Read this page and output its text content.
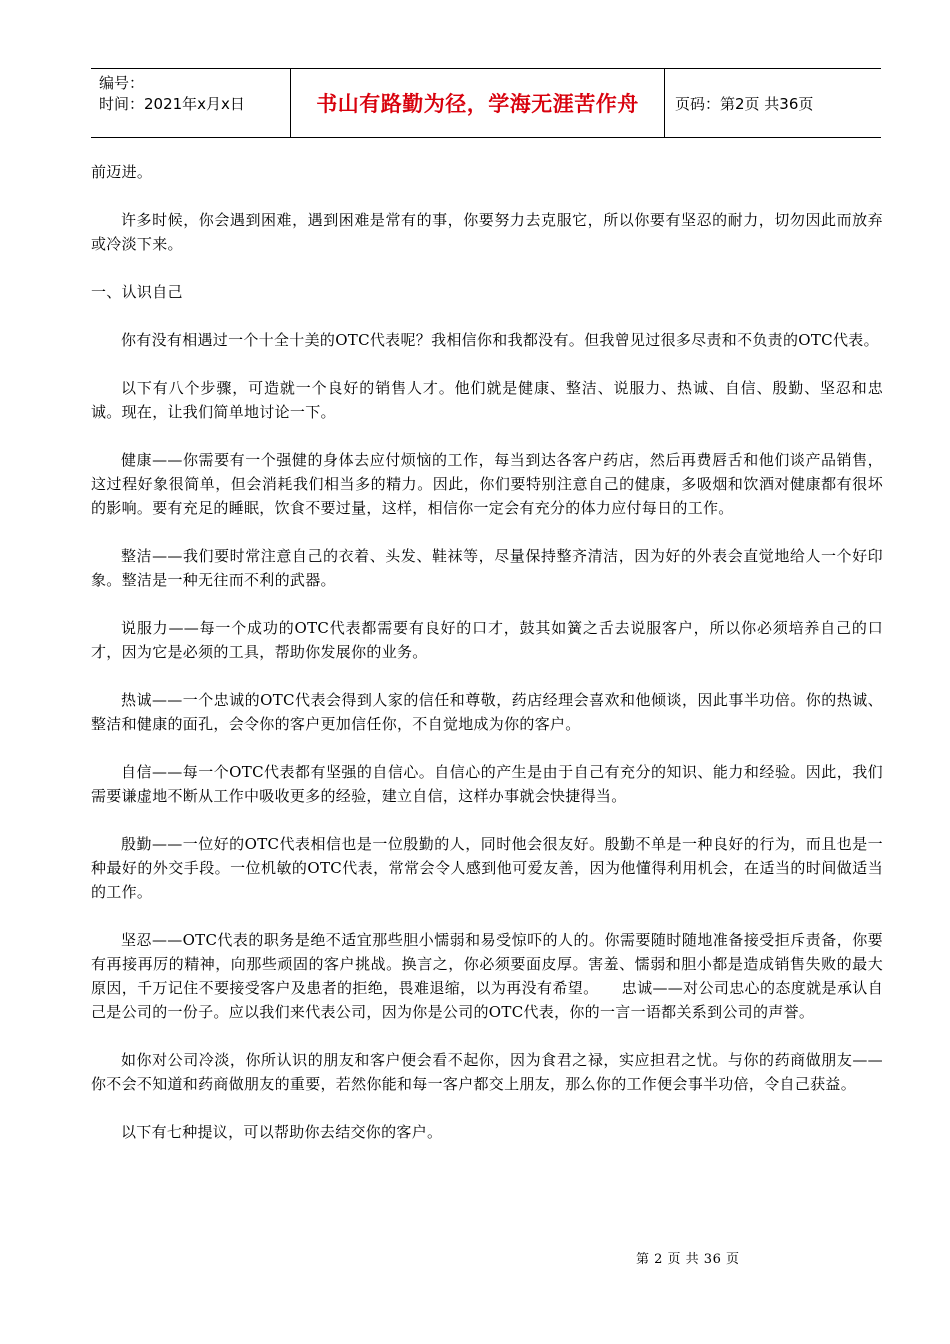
编号：
时间：2021年x月x日	书山有路勤为径，学海无涯苦作舟	页码：第2页 共36页

前迈进。

许多时候，你会遇到困难，遇到困难是常有的事，你要努力去克服它，所以你要有坚忍的耐力，切勿因此而放弃或冷淡下来。

一、认识自己

你有没有相遇过一个十全十美的OTC代表呢？我相信你和我都没有。但我曾见过很多尽责和不负责的OTC代表。

以下有八个步骤，可造就一个良好的销售人才。他们就是健康、整洁、说服力、热诚、自信、殷勤、坚忍和忠诚。现在，让我们简单地讨论一下。

健康——你需要有一个强健的身体去应付烦恼的工作，每当到达各客户药店，然后再费唇舌和他们谈产品销售，这过程好象很简单，但会消耗我们相当多的精力。因此，你们要特别注意自己的健康，多吸烟和饮酒对健康都有很坏的影响。要有充足的睡眠，饮食不要过量，这样，相信你一定会有充分的体力应付每日的工作。

整洁——我们要时常注意自己的衣着、头发、鞋袜等，尽量保持整齐清洁，因为好的外表会直觉地给人一个好印象。整洁是一种无往而不利的武器。

说服力——每一个成功的OTC代表都需要有良好的口才，鼓其如簧之舌去说服客户，所以你必须培养自己的口才，因为它是必须的工具，帮助你发展你的业务。

热诚——一个忠诚的OTC代表会得到人家的信任和尊敬，药店经理会喜欢和他倾谈，因此事半功倍。你的热诚、整洁和健康的面孔，会令你的客户更加信任你，不自觉地成为你的客户。

自信——每一个OTC代表都有坚强的自信心。自信心的产生是由于自己有充分的知识、能力和经验。因此，我们需要谦虚地不断从工作中吸收更多的经验，建立自信，这样办事就会快捷得当。

殷勤——一位好的OTC代表相信也是一位殷勤的人，同时他会很友好。殷勤不单是一种良好的行为，而且也是一种最好的外交手段。一位机敏的OTC代表，常常会令人感到他可爱友善，因为他懂得利用机会，在适当的时间做适当的工作。

坚忍——OTC代表的职务是绝不适宜那些胆小懦弱和易受惊吓的人的。你需要随时随地准备接受拒斥责备，你要有再接再厉的精神，向那些顽固的客户挑战。换言之，你必须要面皮厚。害羞、懦弱和胆小都是造成销售失败的最大原因，千万记住不要接受客户及患者的拒绝，畏难退缩，以为再没有希望。　　忠诚——对公司忠心的态度就是承认自己是公司的一份子。应以我们来代表公司，因为你是公司的OTC代表，你的一言一语都关系到公司的声誉。

如你对公司冷淡，你所认识的朋友和客户便会看不起你，因为食君之禄，实应担君之忧。与你的药商做朋友——你不会不知道和药商做朋友的重要，若然你能和每一客户都交上朋友，那么你的工作便会事半功倍，令自己获益。

以下有七种提议，可以帮助你去结交你的客户。

第 2 页 共 36 页
